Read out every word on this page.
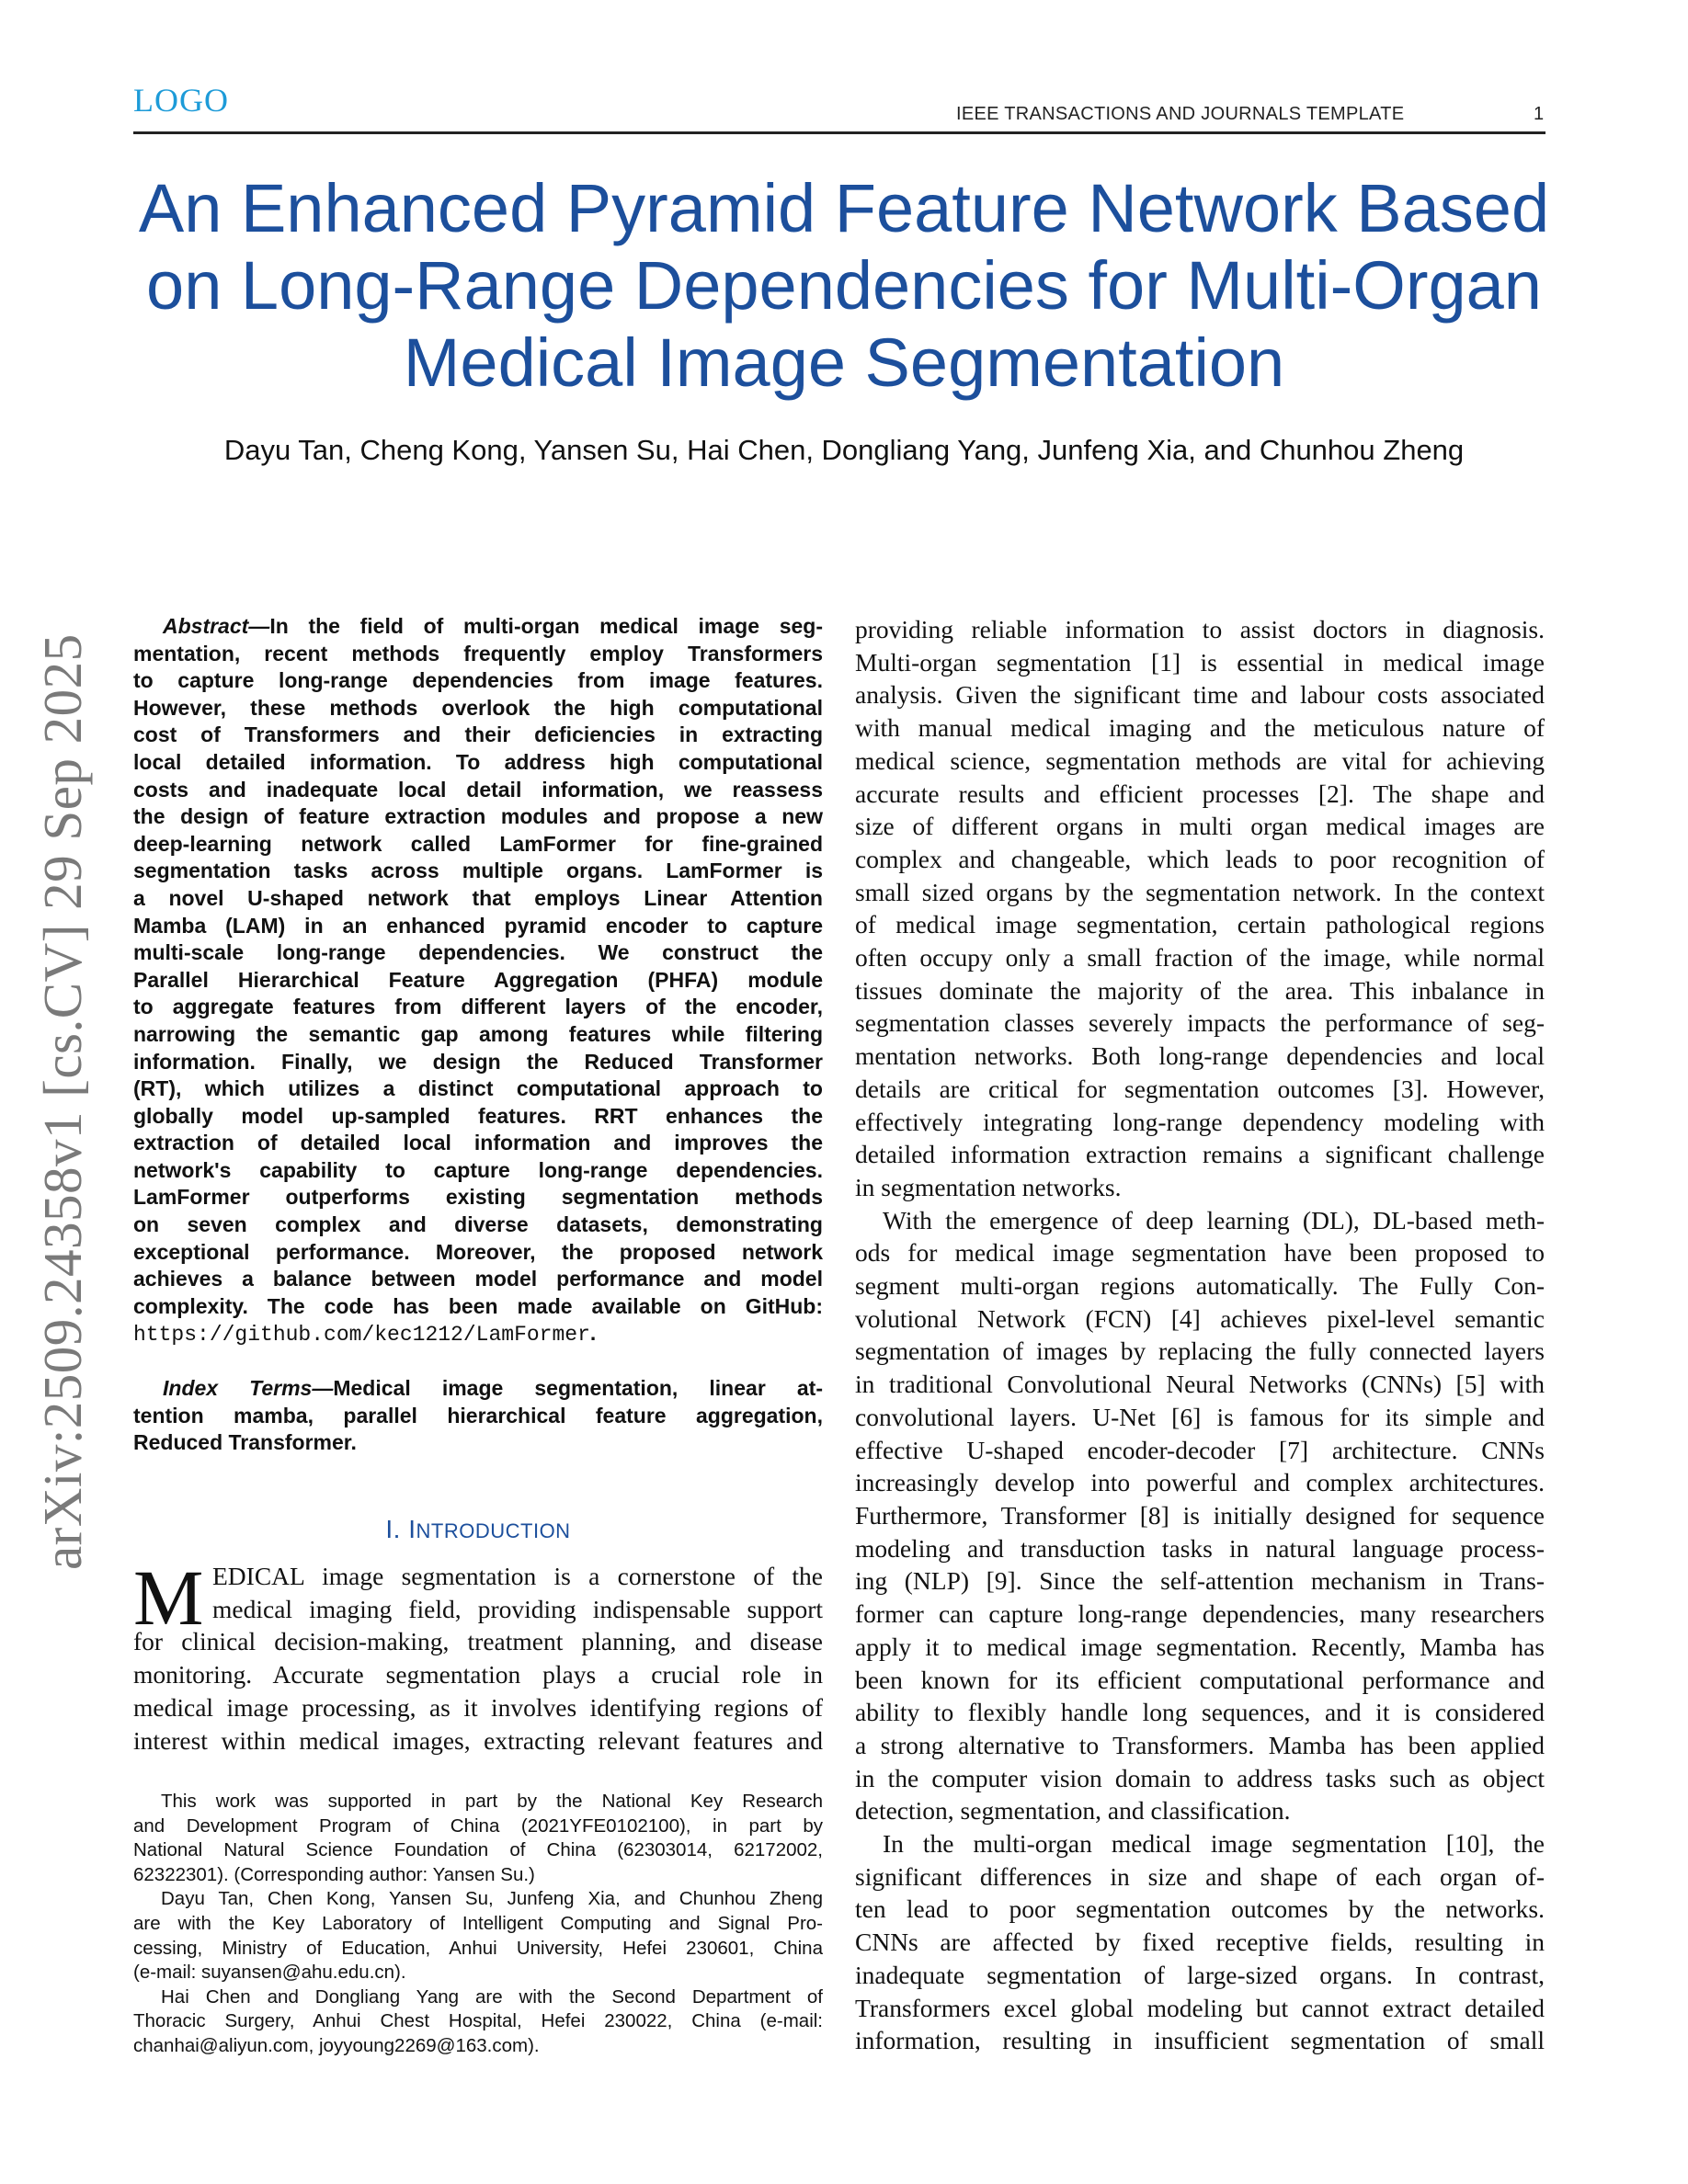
LOGO	IEEE TRANSACTIONS AND JOURNALS TEMPLATE	1
An Enhanced Pyramid Feature Network Based
on Long-Range Dependencies for Multi-Organ
Medical Image Segmentation
Dayu Tan, Cheng Kong, Yansen Su, Hai Chen, Dongliang Yang, Junfeng Xia, and Chunhou Zheng
arXiv:2509.24358v1 [cs.CV] 29 Sep 2025
Abstract—In the field of multi-organ medical image seg-
mentation, recent methods frequently employ Transformers
to capture long-range dependencies from image features.
However, these methods overlook the high computational
cost of Transformers and their deficiencies in extracting
local detailed information. To address high computational
costs and inadequate local detail information, we reassess
the design of feature extraction modules and propose a new
deep-learning network called LamFormer for fine-grained
segmentation tasks across multiple organs. LamFormer is
a novel U-shaped network that employs Linear Attention
Mamba (LAM) in an enhanced pyramid encoder to capture
multi-scale long-range dependencies. We construct the
Parallel Hierarchical Feature Aggregation (PHFA) module
to aggregate features from different layers of the encoder,
narrowing the semantic gap among features while filtering
information. Finally, we design the Reduced Transformer
(RT), which utilizes a distinct computational approach to
globally model up-sampled features. RRT enhances the
extraction of detailed local information and improves the
network's capability to capture long-range dependencies.
LamFormer outperforms existing segmentation methods
on seven complex and diverse datasets, demonstrating
exceptional performance. Moreover, the proposed network
achieves a balance between model performance and model
complexity. The code has been made available on GitHub:
https://github.com/kec1212/LamFormer.
Index Terms—Medical image segmentation, linear at-
tention mamba, parallel hierarchical feature aggregation,
Reduced Transformer.
I. INTRODUCTION
M EDICAL image segmentation is a cornerstone of the
medical imaging field, providing indispensable support
for clinical decision-making, treatment planning, and disease
monitoring. Accurate segmentation plays a crucial role in
medical image processing, as it involves identifying regions of
interest within medical images, extracting relevant features and
This work was supported in part by the National Key Research
and Development Program of China (2021YFE0102100), in part by
National Natural Science Foundation of China (62303014, 62172002,
62322301). (Corresponding author: Yansen Su.)
Dayu Tan, Chen Kong, Yansen Su, Junfeng Xia, and Chunhou Zheng
are with the Key Laboratory of Intelligent Computing and Signal Pro-
cessing, Ministry of Education, Anhui University, Hefei 230601, China
(e-mail: suyansen@ahu.edu.cn).
Hai Chen and Dongliang Yang are with the Second Department of
Thoracic Surgery, Anhui Chest Hospital, Hefei 230022, China (e-mail:
chanhai@aliyun.com, joyyoung2269@163.com).
providing reliable information to assist doctors in diagnosis.
Multi-organ segmentation [1] is essential in medical image
analysis. Given the significant time and labour costs associated
with manual medical imaging and the meticulous nature of
medical science, segmentation methods are vital for achieving
accurate results and efficient processes [2]. The shape and
size of different organs in multi organ medical images are
complex and changeable, which leads to poor recognition of
small sized organs by the segmentation network. In the context
of medical image segmentation, certain pathological regions
often occupy only a small fraction of the image, while normal
tissues dominate the majority of the area. This inbalance in
segmentation classes severely impacts the performance of seg-
mentation networks. Both long-range dependencies and local
details are critical for segmentation outcomes [3]. However,
effectively integrating long-range dependency modeling with
detailed information extraction remains a significant challenge
in segmentation networks.
With the emergence of deep learning (DL), DL-based meth-
ods for medical image segmentation have been proposed to
segment multi-organ regions automatically. The Fully Con-
volutional Network (FCN) [4] achieves pixel-level semantic
segmentation of images by replacing the fully connected layers
in traditional Convolutional Neural Networks (CNNs) [5] with
convolutional layers. U-Net [6] is famous for its simple and
effective U-shaped encoder-decoder [7] architecture. CNNs
increasingly develop into powerful and complex architectures.
Furthermore, Transformer [8] is initially designed for sequence
modeling and transduction tasks in natural language process-
ing (NLP) [9]. Since the self-attention mechanism in Trans-
former can capture long-range dependencies, many researchers
apply it to medical image segmentation. Recently, Mamba has
been known for its efficient computational performance and
ability to flexibly handle long sequences, and it is considered
a strong alternative to Transformers. Mamba has been applied
in the computer vision domain to address tasks such as object
detection, segmentation, and classification.
In the multi-organ medical image segmentation [10], the
significant differences in size and shape of each organ of-
ten lead to poor segmentation outcomes by the networks.
CNNs are affected by fixed receptive fields, resulting in
inadequate segmentation of large-sized organs. In contrast,
Transformers excel global modeling but cannot extract detailed
information, resulting in insufficient segmentation of small
